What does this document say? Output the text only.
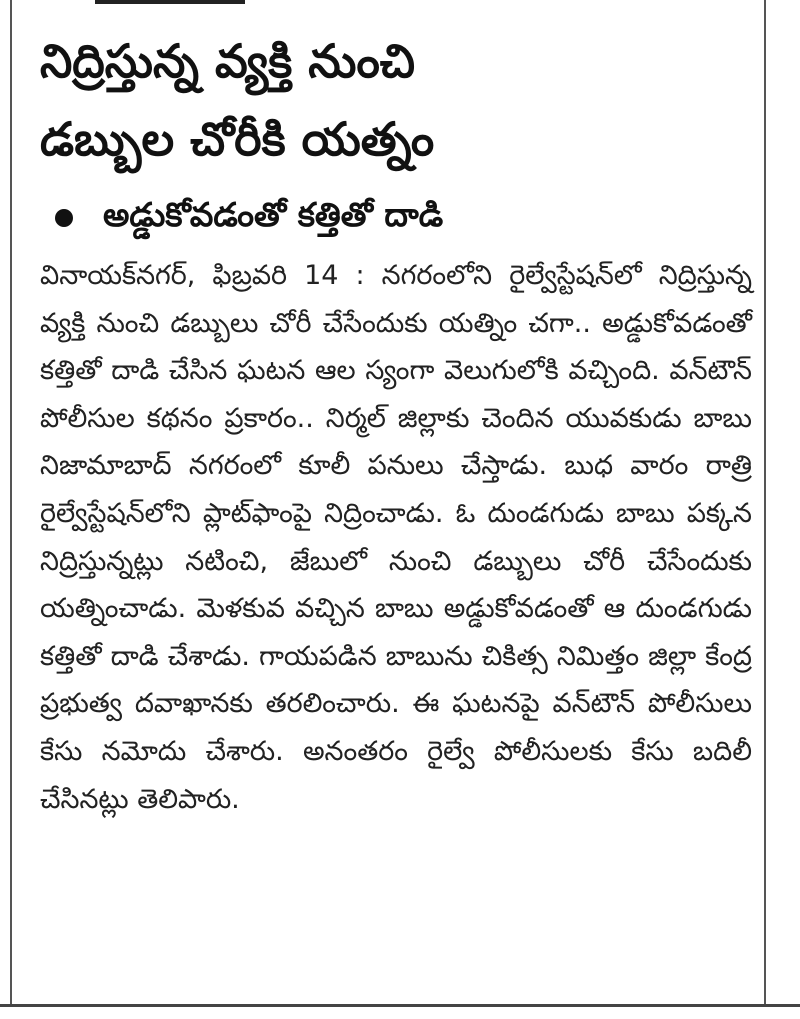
నిద్రిస్తున్న వ్యక్తి నుంచి
డబ్బుల చోరీకి యత్నం
అడ్డుకోవడంతో కత్తితో దాడి
వినాయక్‌నగర్, ఫిబ్రవరి 14 : నగరంలోని రైల్వేస్టేషన్‌లో నిద్రిస్తున్న వ్యక్తి నుంచి డబ్బులు చోరీ చేసేందుకు యత్నిం చగా.. అడ్డుకోవడంతో కత్తితో దాడి చేసిన ఘటన ఆల స్యంగా వెలుగులోకి వచ్చింది. వన్‌టౌన్ పోలీసుల కథనం ప్రకారం.. నిర్మల్ జిల్లాకు చెందిన యువకుడు బాబు నిజామాబాద్ నగరంలో కూలీ పనులు చేస్తాడు. బుధ వారం రాత్రి రైల్వేస్టేషన్‌లోని ప్లాట్‌ఫాంపై నిద్రించాడు. ఓ దుండగుడు బాబు పక్కన నిద్రిస్తున్నట్లు నటించి, జేబులో నుంచి డబ్బులు చోరీ చేసేందుకు యత్నించాడు. మెళకువ వచ్చిన బాబు అడ్డుకోవడంతో ఆ దుండగుడు కత్తితో దాడి చేశాడు. గాయపడిన బాబును చికిత్స నిమిత్తం జిల్లా కేంద్ర ప్రభుత్వ దవాఖానకు తరలించారు. ఈ ఘటనపై వన్‌టౌన్ పోలీసులు కేసు నమోదు చేశారు. అనంతరం రైల్వే పోలీసులకు కేసు బదిలీ చేసినట్లు తెలిపారు.
